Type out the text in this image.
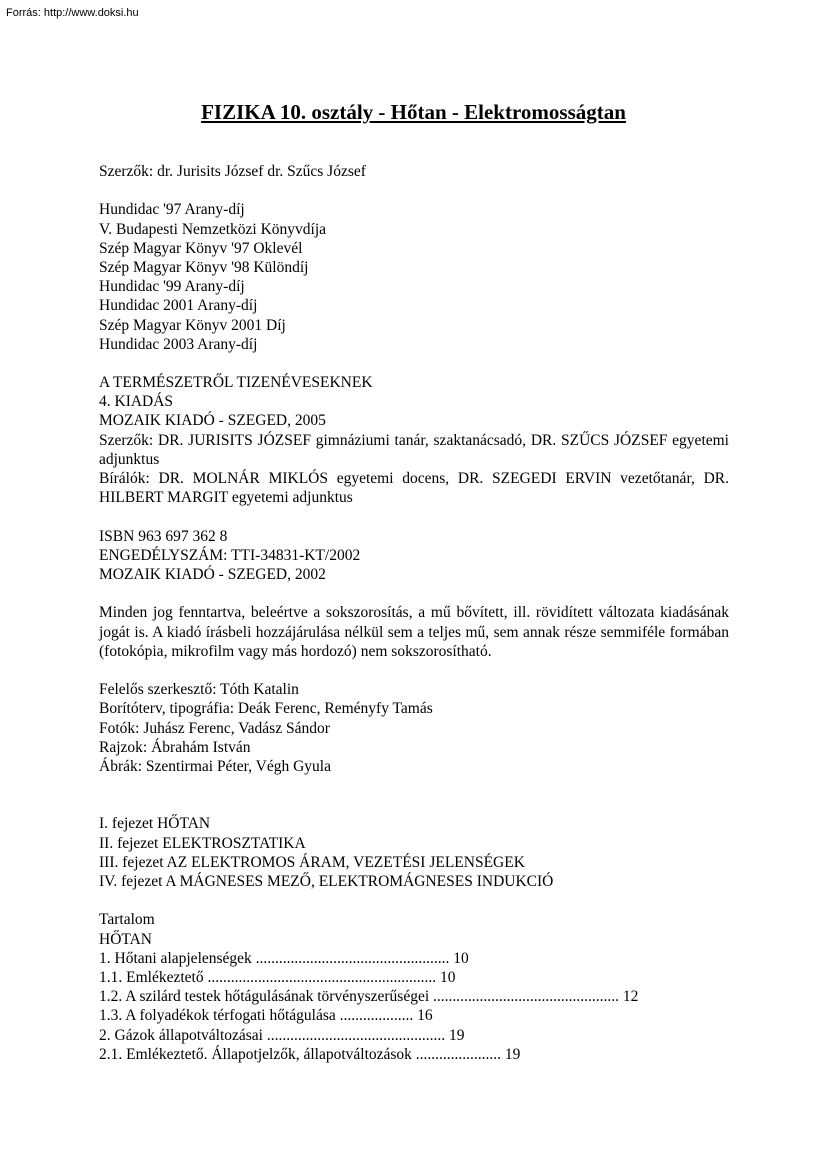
Forrás: http://www.doksi.hu
FIZIKA 10. osztály - Hőtan - Elektromosságtan
Szerzők: dr. Jurisits József dr. Szűcs József
Hundidac '97 Arany-díj
V. Budapesti Nemzetközi Könyvdíja
Szép Magyar Könyv '97 Oklevél
Szép Magyar Könyv '98 Különdíj
Hundidac '99 Arany-díj
Hundidac 2001 Arany-díj
Szép Magyar Könyv 2001 Díj
Hundidac 2003 Arany-díj
A TERMÉSZETRŐL TIZENÉVESEKNEK
4. KIADÁS
MOZAIK KIADÓ - SZEGED, 2005
Szerzők: DR. JURISITS JÓZSEF gimnáziumi tanár, szaktanácsadó, DR. SZŰCS JÓZSEF egyetemi adjunktus
Bírálók: DR. MOLNÁR MIKLÓS egyetemi docens, DR. SZEGEDI ERVIN vezetőtanár, DR. HILBERT MARGIT egyetemi adjunktus
ISBN 963 697 362 8
ENGEDÉLYSZÁM: TTI-34831-KT/2002
MOZAIK KIADÓ - SZEGED, 2002
Minden jog fenntartva, beleértve a sokszorosítás, a mű bővített, ill. rövidített változata kiadásának jogát is. A kiadó írásbeli hozzájárulása nélkül sem a teljes mű, sem annak része semmiféle formában (fotokópia, mikrofilm vagy más hordozó) nem sokszorosítható.
Felelős szerkesztő: Tóth Katalin
Borítóterv, tipográfia: Deák Ferenc, Reményfy Tamás
Fotók: Juhász Ferenc, Vadász Sándor
Rajzok: Ábrahám István
Ábrák: Szentirmai Péter, Végh Gyula
I. fejezet HŐTAN
II. fejezet ELEKTROSZTATIKA
III. fejezet AZ ELEKTROMOS ÁRAM, VEZETÉSI JELENSÉGEK
IV. fejezet A MÁGNESES MEZŐ, ELEKTROMÁGNESES INDUKCIÓ
Tartalom
HŐTAN
1. Hőtani alapjelenségek .................................................. 10
1.1. Emlékeztető ........................................................... 10
1.2. A szilárd testek hőtágulásának törvényszerűségei ................................................ 12
1.3. A folyadékok térfogati hőtágulása ................... 16
2. Gázok állapotváltozásai .............................................. 19
2.1. Emlékeztető. Állapotjelzők, állapotváltozások ...................... 19
